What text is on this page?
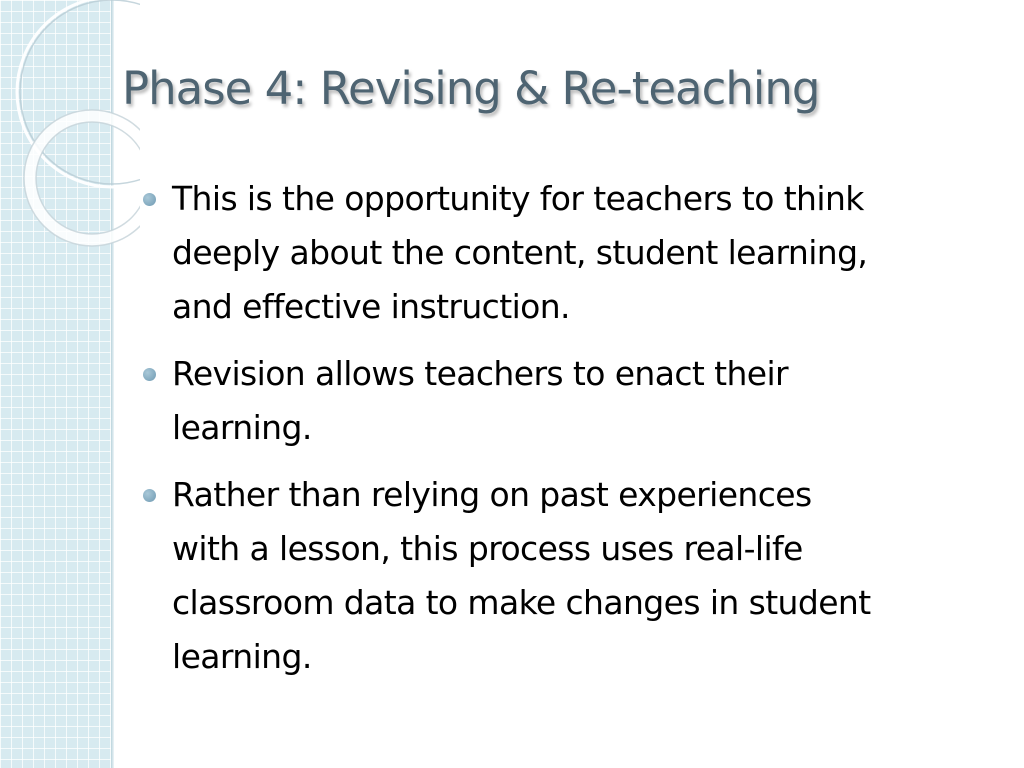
Phase 4: Revising & Re-teaching
This is the opportunity for teachers to think
deeply about the content, student learning,
and effective instruction.
Revision allows teachers to enact their
learning.
Rather than relying on past experiences
with a lesson, this process uses real-life
classroom data to make changes in student
learning.
